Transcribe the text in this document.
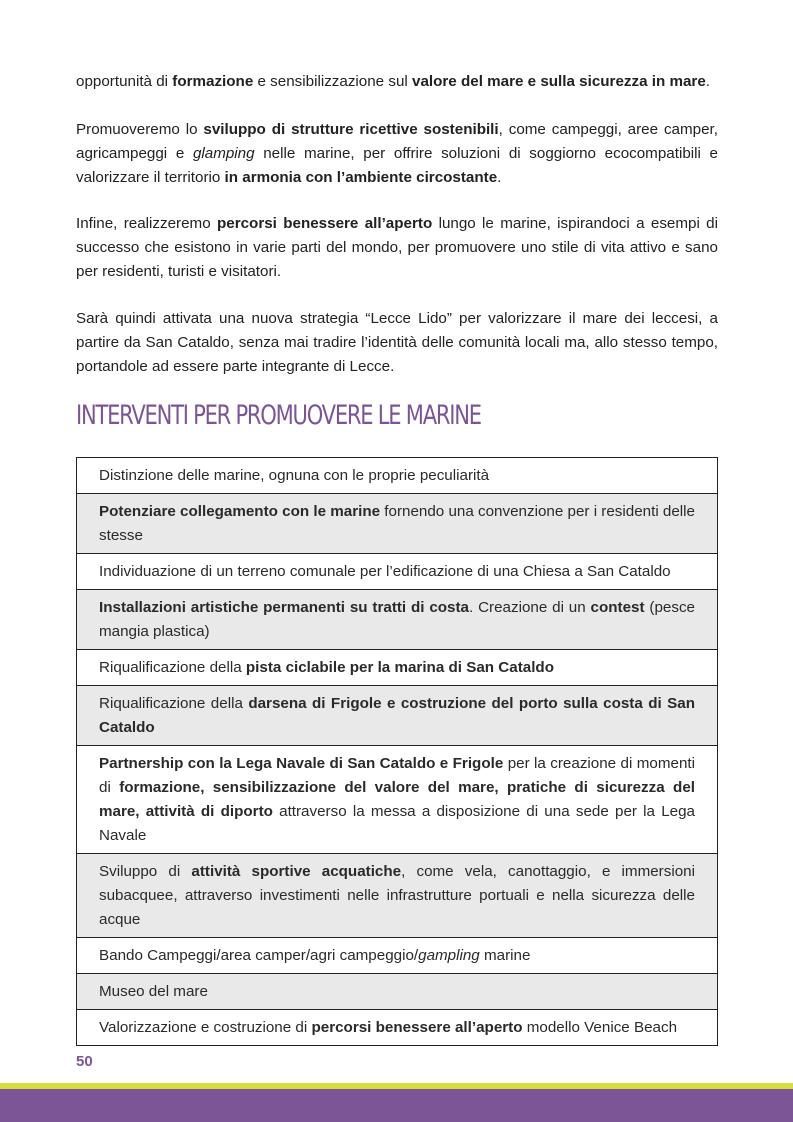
opportunità di formazione e sensibilizzazione sul valore del mare e sulla sicurezza in mare.

Promuoveremo lo sviluppo di strutture ricettive sostenibili, come campeggi, aree camper, agricampeggi e glamping nelle marine, per offrire soluzioni di soggiorno ecocompatibili e valorizzare il territorio in armonia con l’ambiente circostante.

Infine, realizzeremo percorsi benessere all’aperto lungo le marine, ispirandoci a esempi di successo che esistono in varie parti del mondo, per promuovere uno stile di vita attivo e sano per residenti, turisti e visitatori.

Sarà quindi attivata una nuova strategia “Lecce Lido” per valorizzare il mare dei leccesi, a partire da San Cataldo, senza mai tradire l’identità delle comunità locali ma, allo stesso tempo, portandole ad essere parte integrante di Lecce.

INTERVENTI PER PROMUOVERE LE MARINE
Distinzione delle marine, ognuna con le proprie peculiarità
Potenziare collegamento con le marine fornendo una convenzione per i residenti delle stesse
Individuazione di un terreno comunale per l’edificazione di una Chiesa a San Cataldo
Installazioni artistiche permanenti su tratti di costa. Creazione di un contest (pesce mangia plastica)
Riqualificazione della pista ciclabile per la marina di San Cataldo
Riqualificazione della darsena di Frigole e costruzione del porto sulla costa di San Cataldo
Partnership con la Lega Navale di San Cataldo e Frigole per la creazione di momenti di formazione, sensibilizzazione del valore del mare, pratiche di sicurezza del mare, attività di diporto attraverso la messa a disposizione di una sede per la Lega Navale
Sviluppo di attività sportive acquatiche, come vela, canottaggio, e immersioni subacquee, attraverso investimenti nelle infrastrutture portuali e nella sicurezza delle acque
Bando Campeggi/area camper/agri campeggio/gampling marine
Museo del mare
Valorizzazione e costruzione di percorsi benessere all’aperto modello Venice Beach
50
